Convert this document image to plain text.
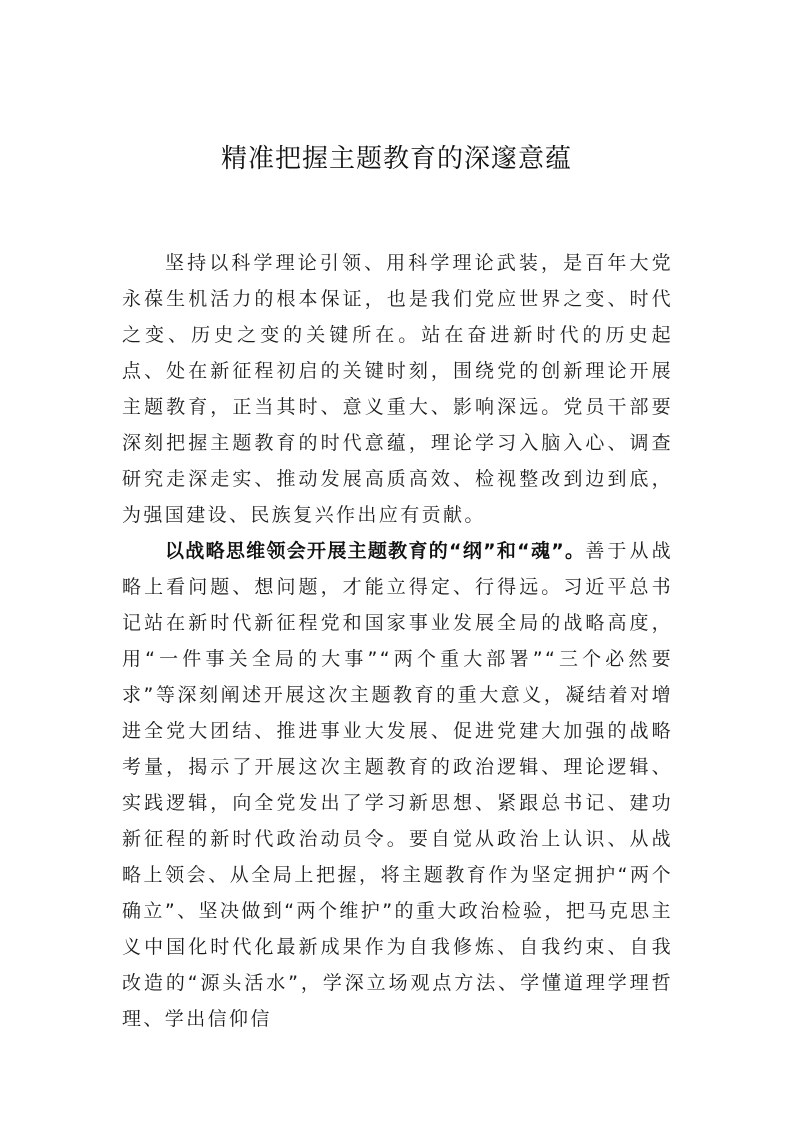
精准把握主题教育的深邃意蕴

坚持以科学理论引领、用科学理论武装，是百年大党永葆生机活力的根本保证，也是我们党应世界之变、时代之变、历史之变的关键所在。站在奋进新时代的历史起点、处在新征程初启的关键时刻，围绕党的创新理论开展主题教育，正当其时、意义重大、影响深远。党员干部要深刻把握主题教育的时代意蕴，理论学习入脑入心、调查研究走深走实、推动发展高质高效、检视整改到边到底，为强国建设、民族复兴作出应有贡献。

以战略思维领会开展主题教育的“纲”和“魂”。善于从战略上看问题、想问题，才能立得定、行得远。习近平总书记站在新时代新征程党和国家事业发展全局的战略高度，用“一件事关全局的大事”“两个重大部署”“三个必然要求”等深刻阐述开展这次主题教育的重大意义，凝结着对增进全党大团结、推进事业大发展、促进党建大加强的战略考量，揭示了开展这次主题教育的政治逻辑、理论逻辑、实践逻辑，向全党发出了学习新思想、紧跟总书记、建功新征程的新时代政治动员令。要自觉从政治上认识、从战略上领会、从全局上把握，将主题教育作为坚定拥护“两个确立”、坚决做到“两个维护”的重大政治检验，把马克思主义中国化时代化最新成果作为自我修炼、自我约束、自我改造的“源头活水”，学深立场观点方法、学懂道理学理哲理、学出信仰信
